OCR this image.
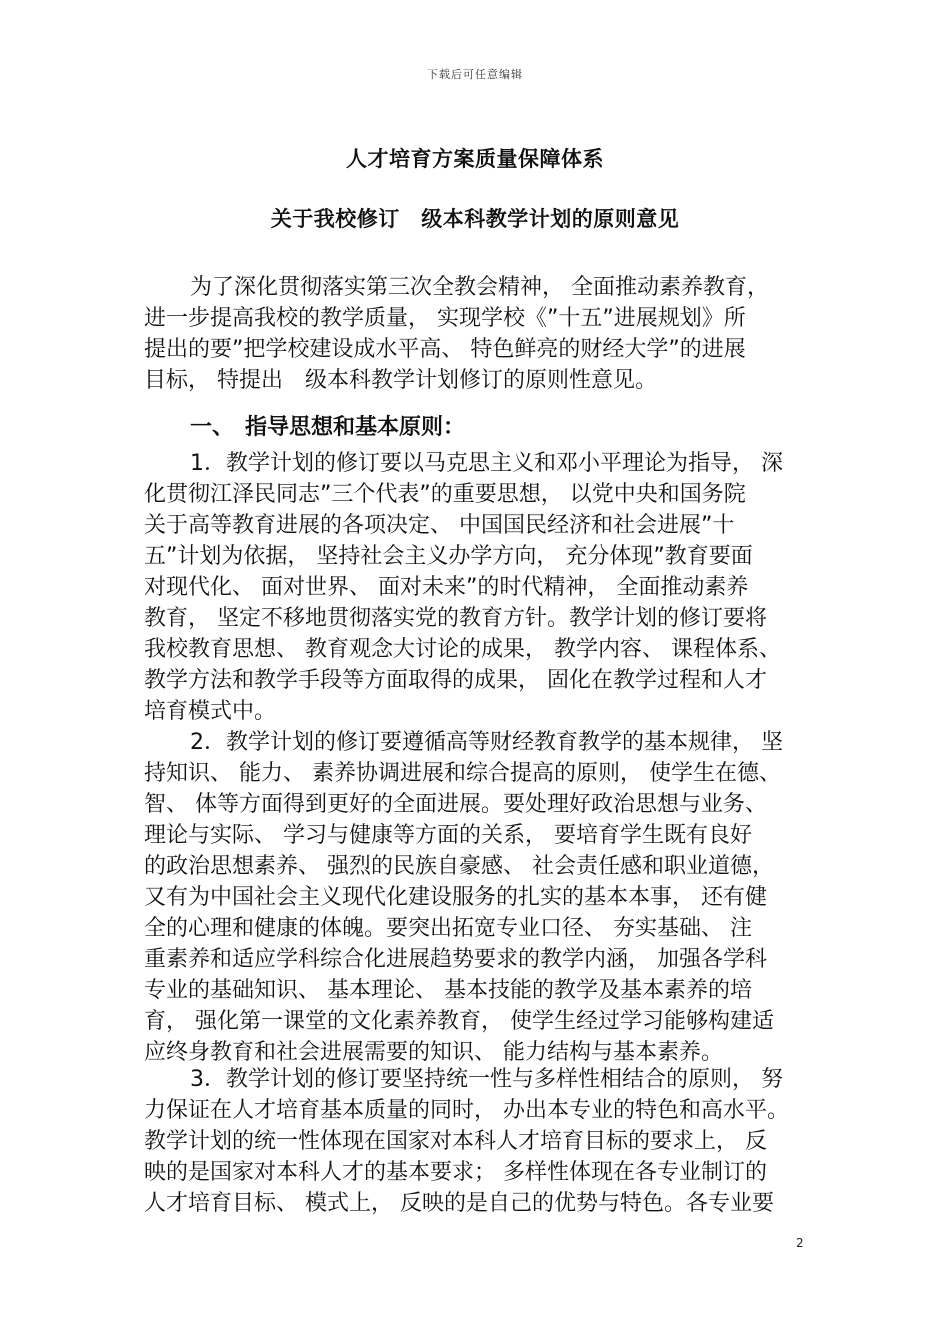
下载后可任意编辑
人才培育方案质量保障体系
关于我校修订　级本科教学计划的原则意见
为了深化贯彻落实第三次全教会精神， 全面推动素养教育，
进一步提高我校的教学质量， 实现学校《”十五”进展规划》所
提出的要”把学校建设成水平高、 特色鲜亮的财经大学”的进展
目标， 特提出　级本科教学计划修订的原则性意见。
一、　指导思想和基本原则：
1．教学计划的修订要以马克思主义和邓小平理论为指导， 深
化贯彻江泽民同志”三个代表”的重要思想， 以党中央和国务院
关于高等教育进展的各项决定、 中国国民经济和社会进展”十
五”计划为依据， 坚持社会主义办学方向， 充分体现”教育要面
对现代化、 面对世界、 面对未来”的时代精神， 全面推动素养
教育， 坚定不移地贯彻落实党的教育方针。教学计划的修订要将
我校教育思想、 教育观念大讨论的成果， 教学内容、 课程体系、
教学方法和教学手段等方面取得的成果， 固化在教学过程和人才
培育模式中。
2．教学计划的修订要遵循高等财经教育教学的基本规律， 坚
持知识、 能力、 素养协调进展和综合提高的原则， 使学生在德、
智、 体等方面得到更好的全面进展。要处理好政治思想与业务、
理论与实际、 学习与健康等方面的关系， 要培育学生既有良好
的政治思想素养、 强烈的民族自豪感、 社会责任感和职业道德，
又有为中国社会主义现代化建设服务的扎实的基本本事， 还有健
全的心理和健康的体魄。要突出拓宽专业口径、 夯实基础、 注
重素养和适应学科综合化进展趋势要求的教学内涵， 加强各学科
专业的基础知识、 基本理论、 基本技能的教学及基本素养的培
育， 强化第一课堂的文化素养教育， 使学生经过学习能够构建适
应终身教育和社会进展需要的知识、 能力结构与基本素养。
3．教学计划的修订要坚持统一性与多样性相结合的原则， 努
力保证在人才培育基本质量的同时， 办出本专业的特色和高水平。
教学计划的统一性体现在国家对本科人才培育目标的要求上， 反
映的是国家对本科人才的基本要求； 多样性体现在各专业制订的
人才培育目标、 模式上， 反映的是自己的优势与特色。各专业要
2
